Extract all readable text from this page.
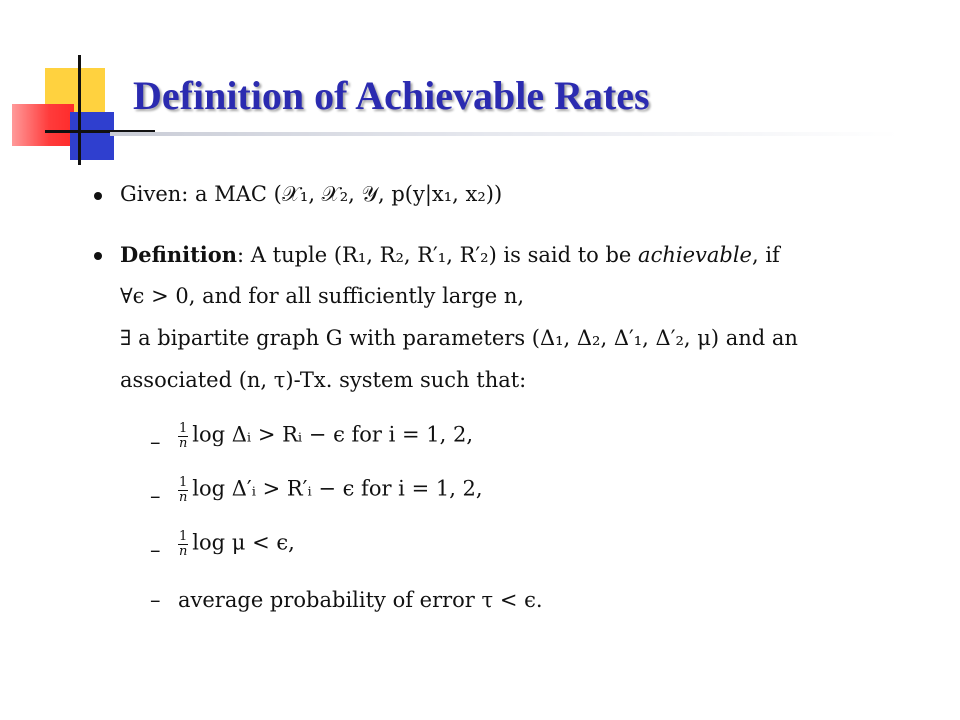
Definition of Achievable Rates
Given: a MAC (𝒳₁, 𝒳₂, 𝒴, p(y|x₁, x₂))
Definition: A tuple (R₁, R₂, R′₁, R′₂) is said to be achievable, if
∀ϵ > 0, and for all sufficiently large n,
∃ a bipartite graph G with parameters (Δ₁, Δ₂, Δ′₁, Δ′₂, μ) and an
associated (n, τ)-Tx. system such that:
– $\frac{1}{n}$ log Δᵢ > Rᵢ − ϵ for i = 1, 2,
– $\frac{1}{n}$ log Δ′ᵢ > R′ᵢ − ϵ for i = 1, 2,
– $\frac{1}{n}$ log μ < ϵ,
– average probability of error τ < ϵ.
